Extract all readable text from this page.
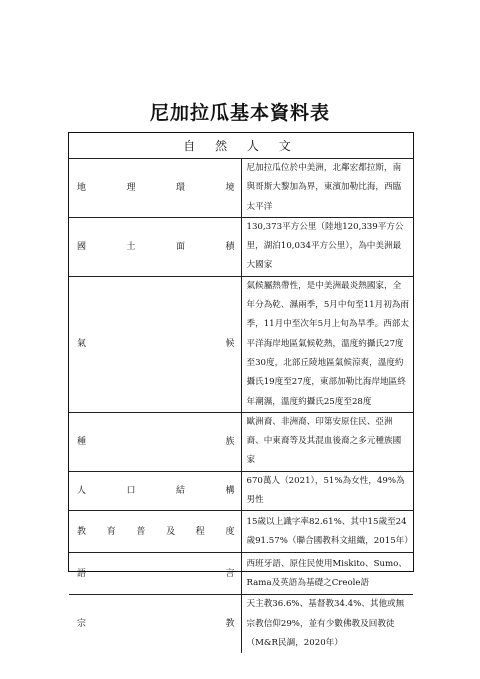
尼加拉瓜基本資料表
自 然 人 文	

地理環境	尼加拉瓜位於中美洲，北鄰宏都拉斯，南與哥斯大黎加為界，東濱加勒比海，西臨太平洋

國土面積	130,373平方公里（陸地120,339平方公里，湖泊10,034平方公里），為中美洲最大國家

氣候	氣候屬熱帶性，是中美洲最炎熱國家，全年分為乾、濕兩季，5月中旬至11月初為雨季，11月中至次年5月上旬為旱季。西部太平洋海岸地區氣候乾熱，溫度約攝氏27度至30度，北部丘陵地區氣候涼爽，溫度約攝氏19度至27度，東部加勒比海岸地區終年潮濕，溫度約攝氏25度至28度

種族	歐洲裔、非洲裔、印第安原住民、亞洲裔、中東裔等及其混血後裔之多元種族國家

人口結構	670萬人（2021），51%為女性，49%為男性

教育普及程度	15歲以上識字率82.61%、其中15歲至24歲91.57%（聯合國教科文組織，2015年）

語言	西班牙語、原住民使用Miskito、Sumo、Rama及英語為基礎之Creole語

宗教	天主教36.6%、基督教34.4%、其他或無宗教信仰29%，並有少數佛教及回教徒（M&R民調，2020年）
